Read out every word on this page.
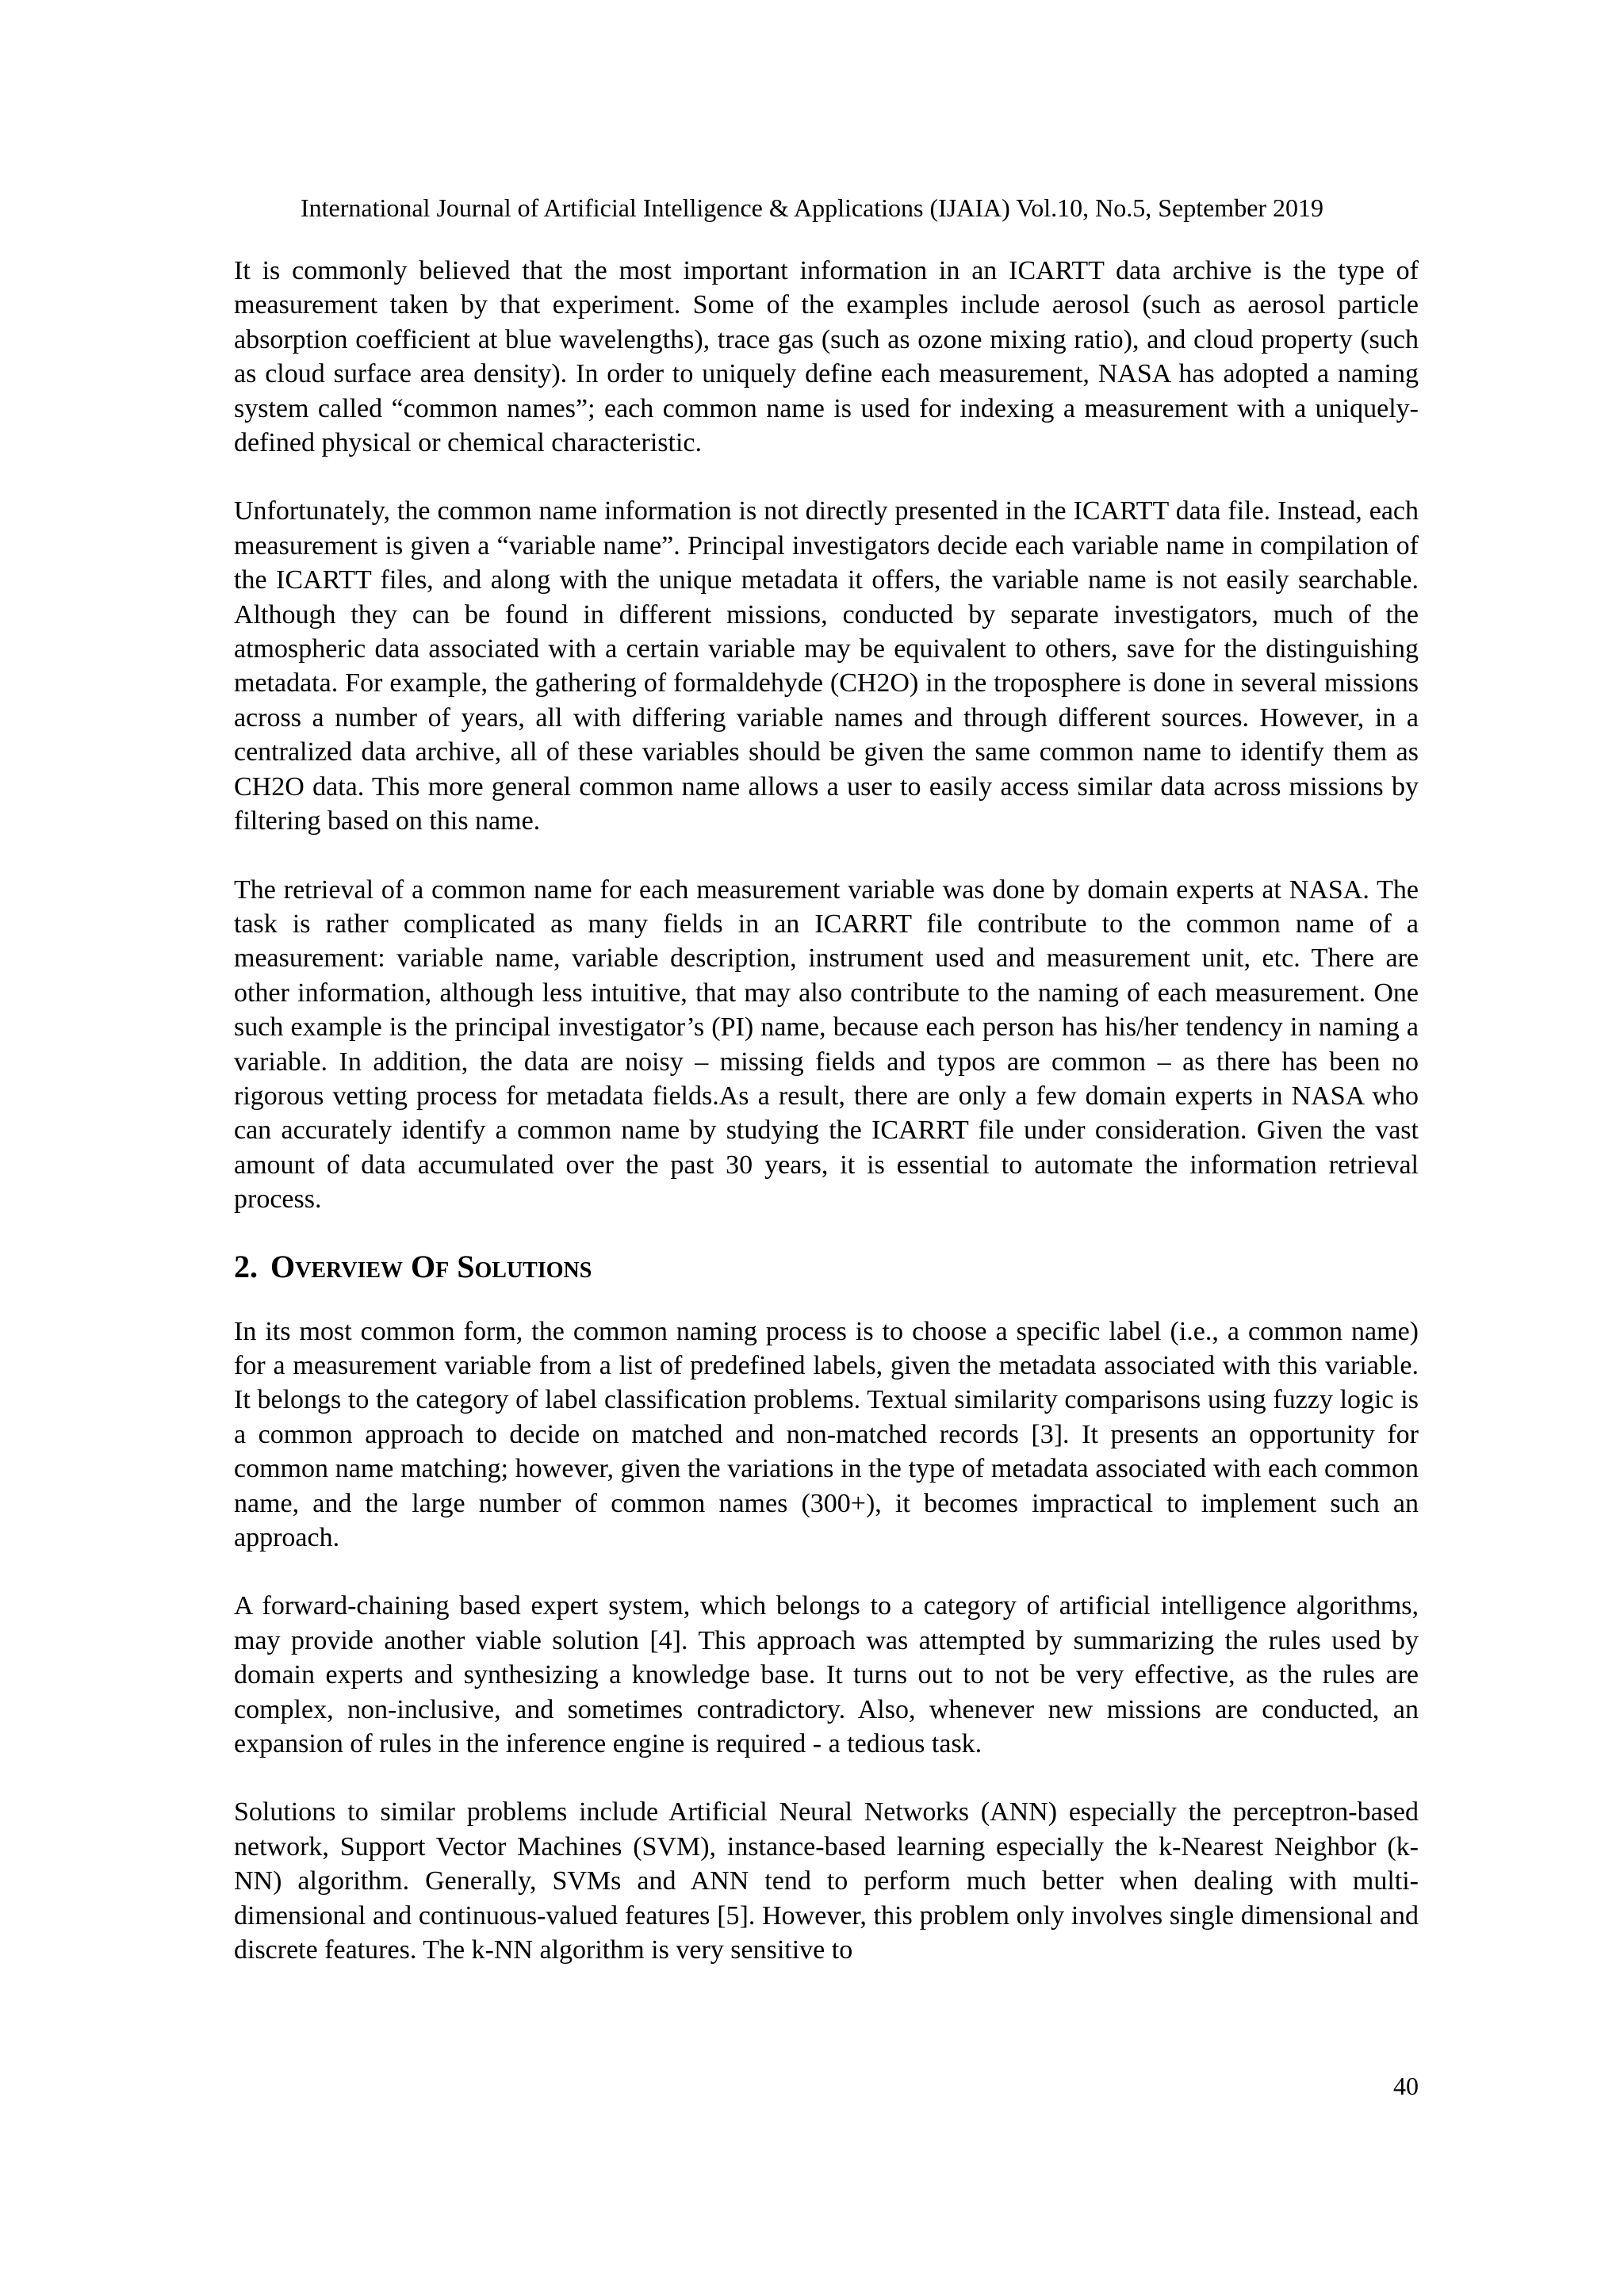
International Journal of Artificial Intelligence & Applications (IJAIA) Vol.10, No.5, September 2019

It is commonly believed that the most important information in an ICARTT data archive is the type of measurement taken by that experiment. Some of the examples include aerosol (such as aerosol particle absorption coefficient at blue wavelengths), trace gas (such as ozone mixing ratio), and cloud property (such as cloud surface area density). In order to uniquely define each measurement, NASA has adopted a naming system called “common names”; each common name is used for indexing a measurement with a uniquely-defined physical or chemical characteristic.

Unfortunately, the common name information is not directly presented in the ICARTT data file. Instead, each measurement is given a “variable name”. Principal investigators decide each variable name in compilation of the ICARTT files, and along with the unique metadata it offers, the variable name is not easily searchable. Although they can be found in different missions, conducted by separate investigators, much of the atmospheric data associated with a certain variable may be equivalent to others, save for the distinguishing metadata. For example, the gathering of formaldehyde (CH2O) in the troposphere is done in several missions across a number of years, all with differing variable names and through different sources. However, in a centralized data archive, all of these variables should be given the same common name to identify them as CH2O data. This more general common name allows a user to easily access similar data across missions by filtering based on this name.

The retrieval of a common name for each measurement variable was done by domain experts at NASA. The task is rather complicated as many fields in an ICARRT file contribute to the common name of a measurement: variable name, variable description, instrument used and measurement unit, etc. There are other information, although less intuitive, that may also contribute to the naming of each measurement. One such example is the principal investigator’s (PI) name, because each person has his/her tendency in naming a variable. In addition, the data are noisy – missing fields and typos are common – as there has been no rigorous vetting process for metadata fields.As a result, there are only a few domain experts in NASA who can accurately identify a common name by studying the ICARRT file under consideration. Given the vast amount of data accumulated over the past 30 years, it is essential to automate the information retrieval process.

2. Overview Of Solutions

In its most common form, the common naming process is to choose a specific label (i.e., a common name) for a measurement variable from a list of predefined labels, given the metadata associated with this variable. It belongs to the category of label classification problems. Textual similarity comparisons using fuzzy logic is a common approach to decide on matched and non-matched records [3]. It presents an opportunity for common name matching; however, given the variations in the type of metadata associated with each common name, and the large number of common names (300+), it becomes impractical to implement such an approach.

A forward-chaining based expert system, which belongs to a category of artificial intelligence algorithms, may provide another viable solution [4]. This approach was attempted by summarizing the rules used by domain experts and synthesizing a knowledge base. It turns out to not be very effective, as the rules are complex, non-inclusive, and sometimes contradictory. Also, whenever new missions are conducted, an expansion of rules in the inference engine is required - a tedious task.

Solutions to similar problems include Artificial Neural Networks (ANN) especially the perceptron-based network, Support Vector Machines (SVM), instance-based learning especially the k-Nearest Neighbor (k-NN) algorithm. Generally, SVMs and ANN tend to perform much better when dealing with multi-dimensional and continuous-valued features [5]. However, this problem only involves single dimensional and discrete features. The k-NN algorithm is very sensitive to

40
